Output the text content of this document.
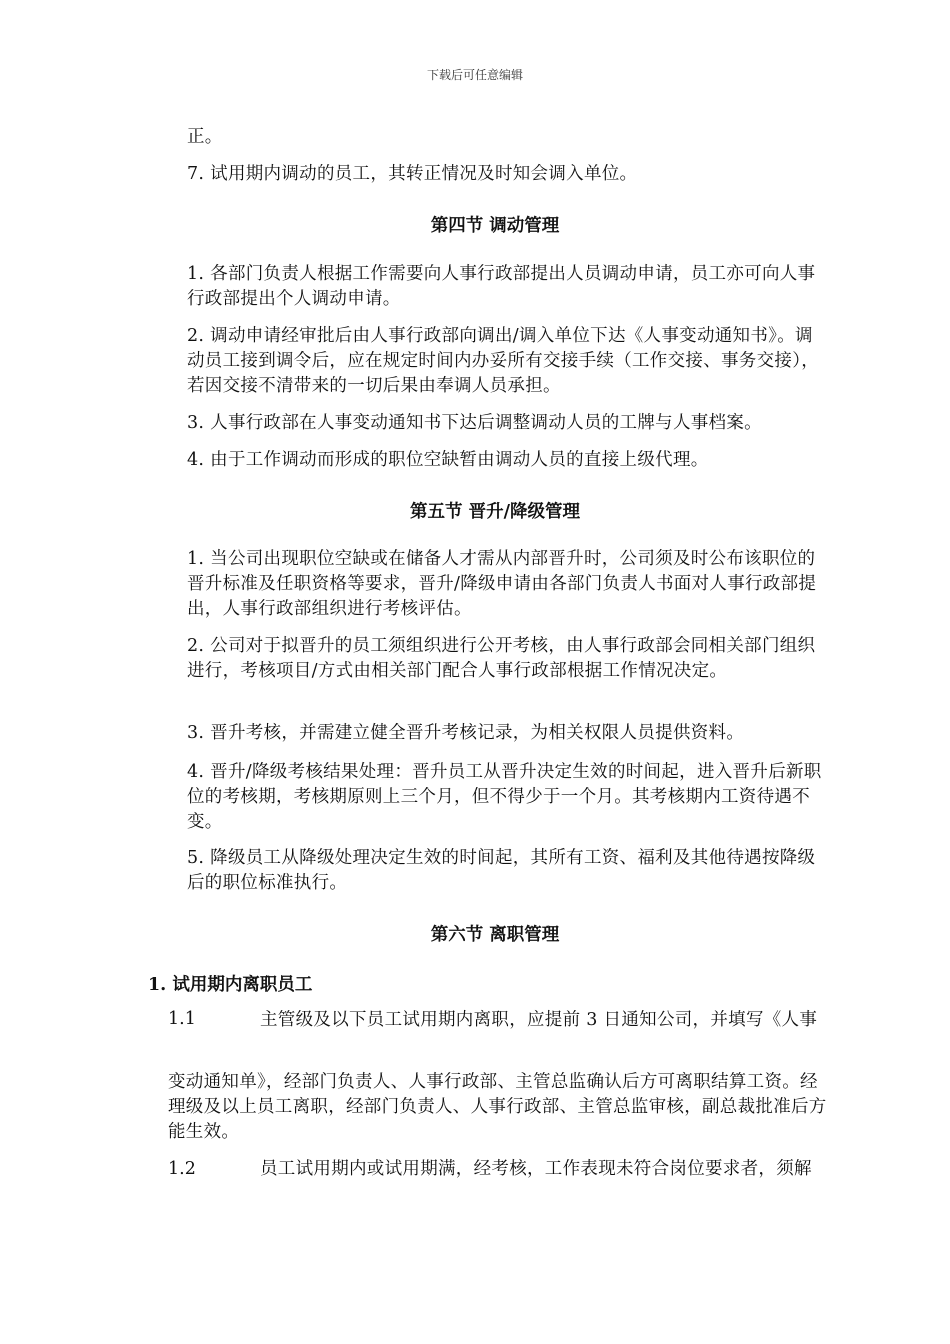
下载后可任意编辑
正。
7. 试用期内调动的员工，其转正情况及时知会调入单位。
第四节 调动管理
1. 各部门负责人根据工作需要向人事行政部提出人员调动申请，员工亦可向人事行政部提出个人调动申请。
2. 调动申请经审批后由人事行政部向调出/调入单位下达《人事变动通知书》。调动员工接到调令后，应在规定时间内办妥所有交接手续（工作交接、事务交接），若因交接不清带来的一切后果由奉调人员承担。
3. 人事行政部在人事变动通知书下达后调整调动人员的工牌与人事档案。
4. 由于工作调动而形成的职位空缺暂由调动人员的直接上级代理。
第五节 晋升/降级管理
1. 当公司出现职位空缺或在储备人才需从内部晋升时，公司须及时公布该职位的晋升标准及任职资格等要求，晋升/降级申请由各部门负责人书面对人事行政部提出，人事行政部组织进行考核评估。
2. 公司对于拟晋升的员工须组织进行公开考核，由人事行政部会同相关部门组织进行，考核项目/方式由相关部门配合人事行政部根据工作情况决定。
3. 晋升考核，并需建立健全晋升考核记录，为相关权限人员提供资料。
4. 晋升/降级考核结果处理：晋升员工从晋升决定生效的时间起，进入晋升后新职位的考核期，考核期原则上三个月，但不得少于一个月。其考核期内工资待遇不变。
5. 降级员工从降级处理决定生效的时间起，其所有工资、福利及其他待遇按降级后的职位标准执行。
第六节 离职管理
1. 试用期内离职员工
1.1	主管级及以下员工试用期内离职，应提前 3 日通知公司，并填写《人事
变动通知单》，经部门负责人、人事行政部、主管总监确认后方可离职结算工资。经理级及以上员工离职，经部门负责人、人事行政部、主管总监审核，副总裁批准后方能生效。
1.2	员工试用期内或试用期满，经考核，工作表现未符合岗位要求者，须解
